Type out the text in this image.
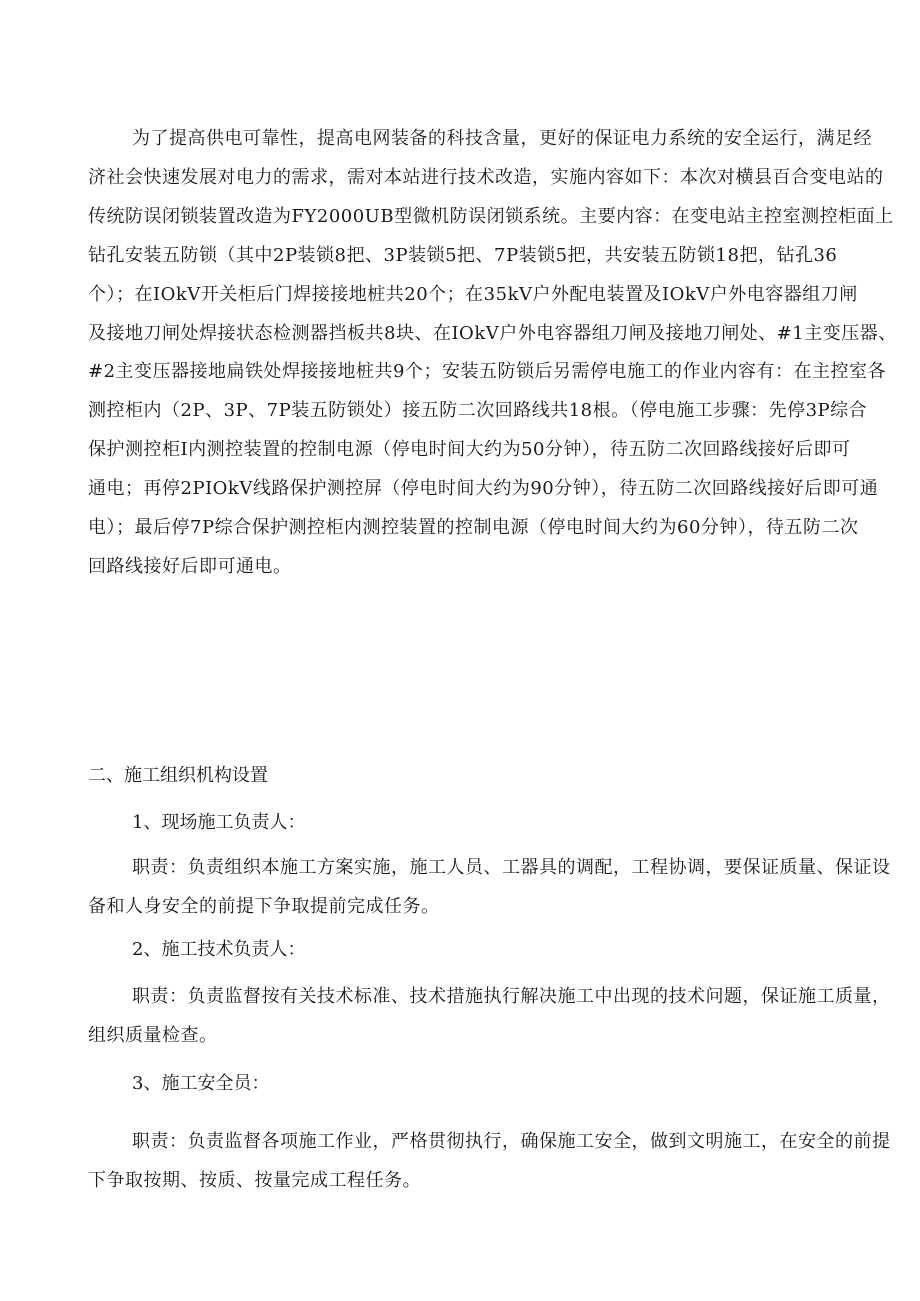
为了提高供电可靠性，提高电网装备的科技含量，更好的保证电力系统的安全运行，满足经
济社会快速发展对电力的需求，需对本站进行技术改造，实施内容如下：本次对横县百合变电站的
传统防误闭锁装置改造为FY2000UB型微机防误闭锁系统。主要内容：在变电站主控室测控柜面上
钻孔安装五防锁（其中2P装锁8把、3P装锁5把、7P装锁5把，共安装五防锁18把，钻孔36
个）；在IOkV开关柜后门焊接接地桩共20个；在35kV户外配电装置及IOkV户外电容器组刀闸
及接地刀闸处焊接状态检测器挡板共8块、在IOkV户外电容器组刀闸及接地刀闸处、#1主变压器、
#2主变压器接地扁铁处焊接接地桩共9个；安装五防锁后另需停电施工的作业内容有：在主控室各
测控柜内（2P、3P、7P装五防锁处）接五防二次回路线共18根。（停电施工步骤：先停3P综合
保护测控柜I内测控装置的控制电源（停电时间大约为50分钟），待五防二次回路线接好后即可
通电；再停2PIOkV线路保护测控屏（停电时间大约为90分钟），待五防二次回路线接好后即可通
电）；最后停7P综合保护测控柜内测控装置的控制电源（停电时间大约为60分钟），待五防二次
回路线接好后即可通电。
二、施工组织机构设置
1、现场施工负责人：
职责：负责组织本施工方案实施，施工人员、工器具的调配，工程协调，要保证质量、保证设
备和人身安全的前提下争取提前完成任务。
2、施工技术负责人：
职责：负责监督按有关技术标准、技术措施执行解决施工中出现的技术问题，保证施工质量，
组织质量检查。
3、施工安全员：
职责：负责监督各项施工作业，严格贯彻执行，确保施工安全，做到文明施工，在安全的前提
下争取按期、按质、按量完成工程任务。
